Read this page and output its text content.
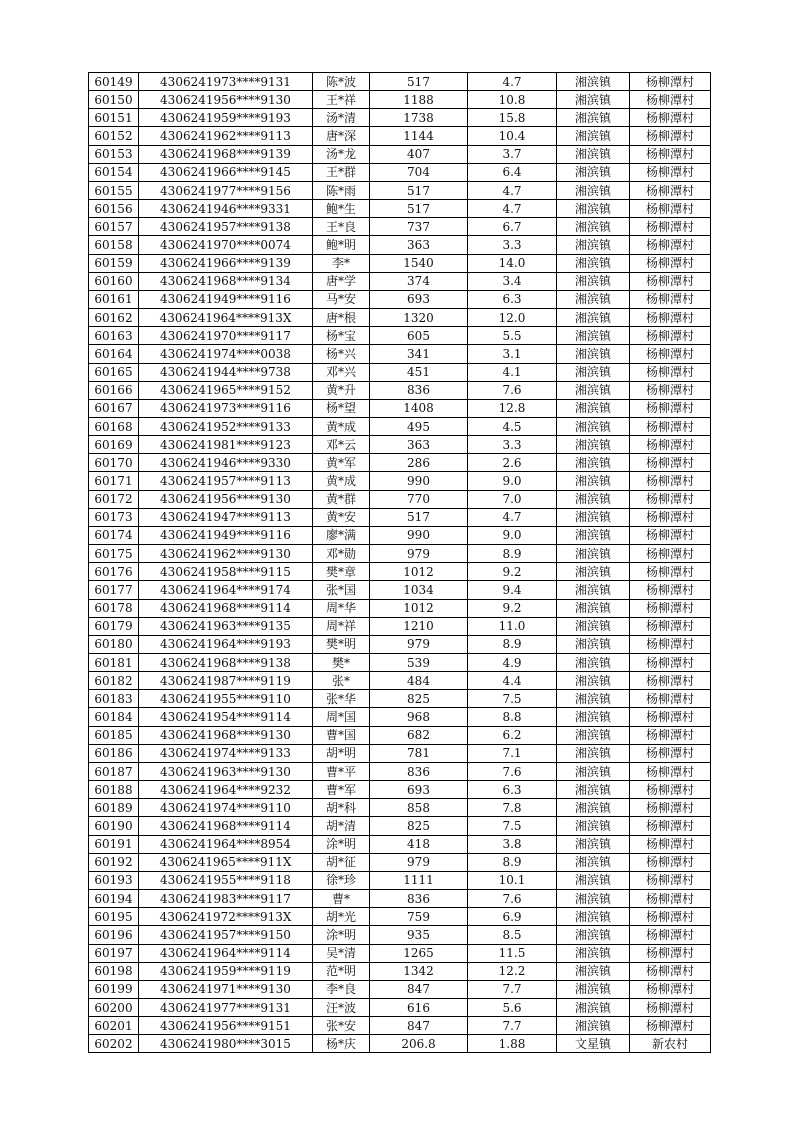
60149	4306241973****9131	陈*波	517	4.7	湘滨镇	杨柳潭村
60150	4306241956****9130	王*祥	1188	10.8	湘滨镇	杨柳潭村
60151	4306241959****9193	汤*清	1738	15.8	湘滨镇	杨柳潭村
60152	4306241962****9113	唐*深	1144	10.4	湘滨镇	杨柳潭村
60153	4306241968****9139	汤*龙	407	3.7	湘滨镇	杨柳潭村
60154	4306241966****9145	王*群	704	6.4	湘滨镇	杨柳潭村
60155	4306241977****9156	陈*雨	517	4.7	湘滨镇	杨柳潭村
60156	4306241946****9331	鲍*生	517	4.7	湘滨镇	杨柳潭村
60157	4306241957****9138	王*良	737	6.7	湘滨镇	杨柳潭村
60158	4306241970****0074	鲍*明	363	3.3	湘滨镇	杨柳潭村
60159	4306241966****9139	李*	1540	14.0	湘滨镇	杨柳潭村
60160	4306241968****9134	唐*学	374	3.4	湘滨镇	杨柳潭村
60161	4306241949****9116	马*安	693	6.3	湘滨镇	杨柳潭村
60162	4306241964****913X	唐*根	1320	12.0	湘滨镇	杨柳潭村
60163	4306241970****9117	杨*宝	605	5.5	湘滨镇	杨柳潭村
60164	4306241974****0038	杨*兴	341	3.1	湘滨镇	杨柳潭村
60165	4306241944****9738	邓*兴	451	4.1	湘滨镇	杨柳潭村
60166	4306241965****9152	黄*升	836	7.6	湘滨镇	杨柳潭村
60167	4306241973****9116	杨*望	1408	12.8	湘滨镇	杨柳潭村
60168	4306241952****9133	黄*成	495	4.5	湘滨镇	杨柳潭村
60169	4306241981****9123	邓*云	363	3.3	湘滨镇	杨柳潭村
60170	4306241946****9330	黄*军	286	2.6	湘滨镇	杨柳潭村
60171	4306241957****9113	黄*成	990	9.0	湘滨镇	杨柳潭村
60172	4306241956****9130	黄*群	770	7.0	湘滨镇	杨柳潭村
60173	4306241947****9113	黄*安	517	4.7	湘滨镇	杨柳潭村
60174	4306241949****9116	廖*满	990	9.0	湘滨镇	杨柳潭村
60175	4306241962****9130	邓*勋	979	8.9	湘滨镇	杨柳潭村
60176	4306241958****9115	樊*章	1012	9.2	湘滨镇	杨柳潭村
60177	4306241964****9174	张*国	1034	9.4	湘滨镇	杨柳潭村
60178	4306241968****9114	周*华	1012	9.2	湘滨镇	杨柳潭村
60179	4306241963****9135	周*祥	1210	11.0	湘滨镇	杨柳潭村
60180	4306241964****9193	樊*明	979	8.9	湘滨镇	杨柳潭村
60181	4306241968****9138	樊*	539	4.9	湘滨镇	杨柳潭村
60182	4306241987****9119	张*	484	4.4	湘滨镇	杨柳潭村
60183	4306241955****9110	张*华	825	7.5	湘滨镇	杨柳潭村
60184	4306241954****9114	周*国	968	8.8	湘滨镇	杨柳潭村
60185	4306241968****9130	曹*国	682	6.2	湘滨镇	杨柳潭村
60186	4306241974****9133	胡*明	781	7.1	湘滨镇	杨柳潭村
60187	4306241963****9130	曹*平	836	7.6	湘滨镇	杨柳潭村
60188	4306241964****9232	曹*军	693	6.3	湘滨镇	杨柳潭村
60189	4306241974****9110	胡*科	858	7.8	湘滨镇	杨柳潭村
60190	4306241968****9114	胡*清	825	7.5	湘滨镇	杨柳潭村
60191	4306241964****8954	涂*明	418	3.8	湘滨镇	杨柳潭村
60192	4306241965****911X	胡*征	979	8.9	湘滨镇	杨柳潭村
60193	4306241955****9118	徐*珍	1111	10.1	湘滨镇	杨柳潭村
60194	4306241983****9117	曹*	836	7.6	湘滨镇	杨柳潭村
60195	4306241972****913X	胡*光	759	6.9	湘滨镇	杨柳潭村
60196	4306241957****9150	涂*明	935	8.5	湘滨镇	杨柳潭村
60197	4306241964****9114	吴*清	1265	11.5	湘滨镇	杨柳潭村
60198	4306241959****9119	范*明	1342	12.2	湘滨镇	杨柳潭村
60199	4306241971****9130	李*良	847	7.7	湘滨镇	杨柳潭村
60200	4306241977****9131	汪*波	616	5.6	湘滨镇	杨柳潭村
60201	4306241956****9151	张*安	847	7.7	湘滨镇	杨柳潭村
60202	4306241980****3015	杨*庆	206.8	1.88	文星镇	新农村
